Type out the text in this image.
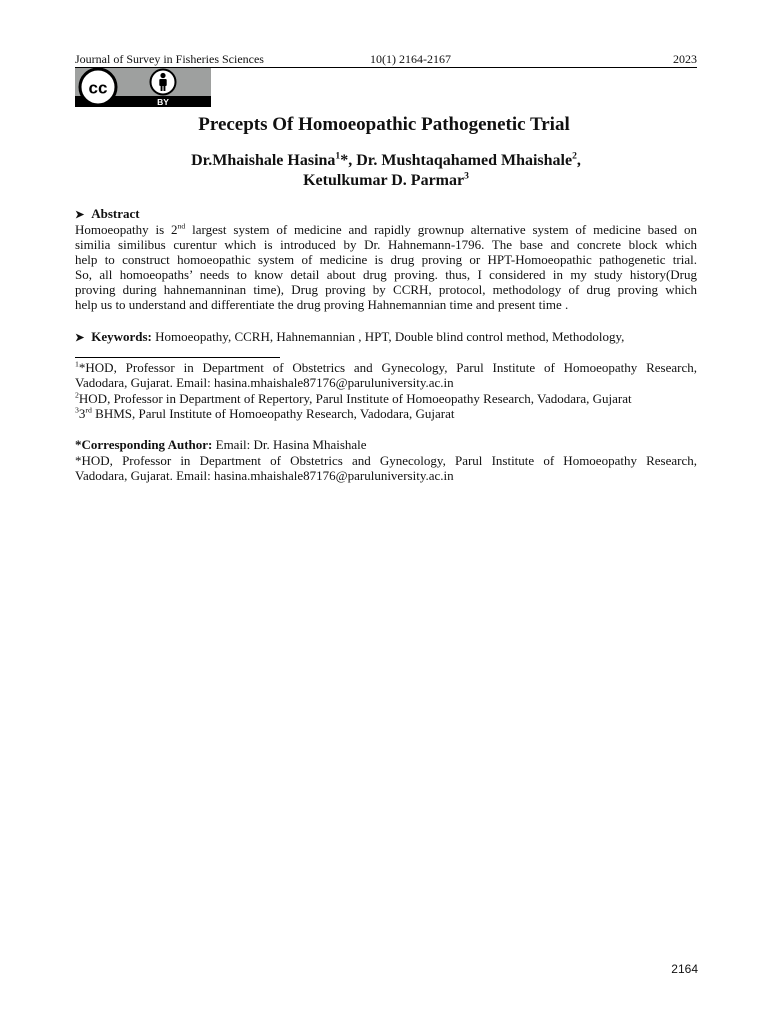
Journal of Survey in Fisheries Sciences	10(1) 2164-2167	2023
cc
BY
Precepts Of Homoeopathic Pathogenetic Trial
Dr.Mhaishale Hasina$^1$*, Dr. Mushtaqahamed Mhaishale$^2$,
Ketulkumar D. Parmar$^3$
➤ Abstract
Homoeopathy is 2nd largest system of medicine and rapidly grownup alternative system of medicine based on
similia similibus curentur which is introduced by Dr. Hahnemann-1796. The base and concrete block which
help to construct homoeopathic system of medicine is drug proving or HPT-Homoeopathic pathogenetic trial.
So, all homoeopaths’ needs to know detail about drug proving. thus, I considered in my study history(Drug
proving during hahnemanninan time), Drug proving by CCRH, protocol, methodology of drug proving which
help us to understand and differentiate the drug proving Hahnemannian time and present time .
➤ Keywords: Homoeopathy, CCRH, Hahnemannian , HPT, Double blind control method, Methodology,
$^1$*HOD, Professor in Department of Obstetrics and Gynecology, Parul Institute of Homoeopathy Research,
Vadodara, Gujarat. Email: hasina.mhaishale87176@paruluniversity.ac.in
$^2$HOD, Professor in Department of Repertory, Parul Institute of Homoeopathy Research, Vadodara, Gujarat
$^3$3rd BHMS, Parul Institute of Homoeopathy Research, Vadodara, Gujarat
*Corresponding Author: Email: Dr. Hasina Mhaishale
*HOD, Professor in Department of Obstetrics and Gynecology, Parul Institute of Homoeopathy Research,
Vadodara, Gujarat. Email: hasina.mhaishale87176@paruluniversity.ac.in
2164
